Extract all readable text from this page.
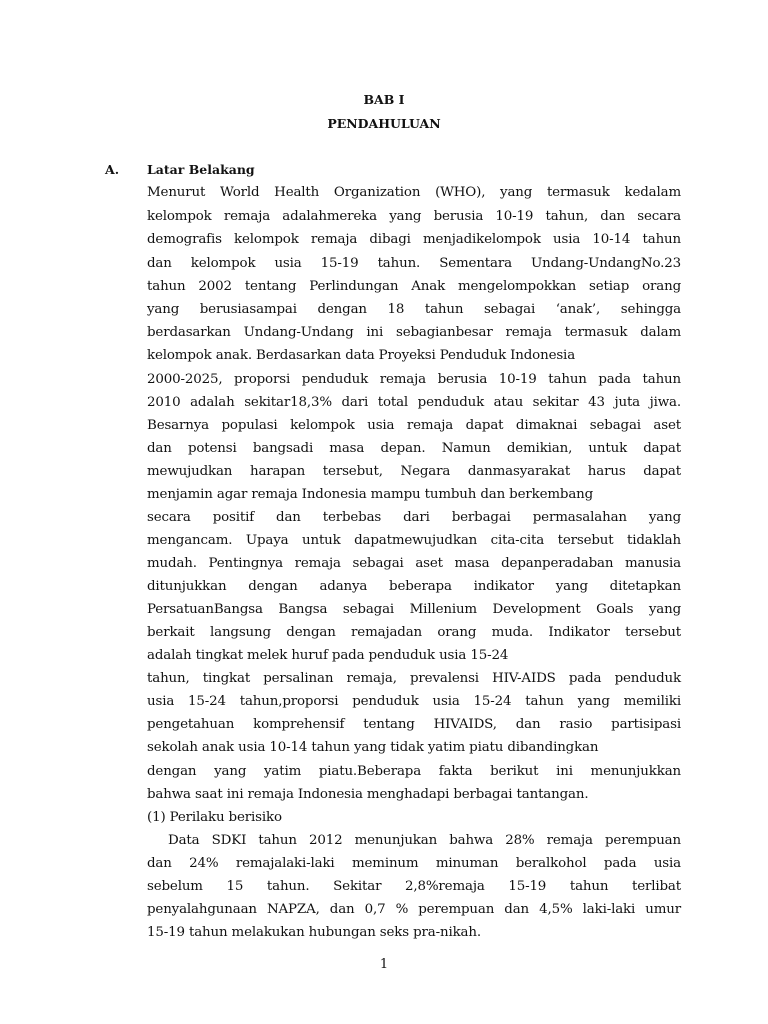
BAB I
PENDAHULUAN
A. Latar Belakang
Menurut World Health Organization (WHO), yang termasuk kedalam
kelompok remaja adalahmereka yang berusia 10-19 tahun, dan secara
demografis kelompok remaja dibagi menjadikelompok usia 10-14 tahun
dan kelompok usia 15-19 tahun. Sementara Undang-UndangNo.23
tahun 2002 tentang Perlindungan Anak mengelompokkan setiap orang
yang berusiasampai dengan 18 tahun sebagai ‘anak’, sehingga
berdasarkan Undang-Undang ini sebagianbesar remaja termasuk dalam
kelompok anak. Berdasarkan data Proyeksi Penduduk Indonesia
2000-2025, proporsi penduduk remaja berusia 10-19 tahun pada tahun
2010 adalah sekitar18,3% dari total penduduk atau sekitar 43 juta jiwa.
Besarnya populasi kelompok usia remaja dapat dimaknai sebagai aset
dan potensi bangsadi masa depan. Namun demikian, untuk dapat
mewujudkan harapan tersebut, Negara danmasyarakat harus dapat
menjamin agar remaja Indonesia mampu tumbuh dan berkembang
secara positif dan terbebas dari berbagai permasalahan yang
mengancam. Upaya untuk dapatmewujudkan cita-cita tersebut tidaklah
mudah. Pentingnya remaja sebagai aset masa depanperadaban manusia
ditunjukkan dengan adanya beberapa indikator yang ditetapkan
PersatuanBangsa Bangsa sebagai Millenium Development Goals yang
berkait langsung dengan remajadan orang muda. Indikator tersebut
adalah tingkat melek huruf pada penduduk usia 15-24
tahun, tingkat persalinan remaja, prevalensi HIV-AIDS pada penduduk
usia 15-24 tahun,proporsi penduduk usia 15-24 tahun yang memiliki
pengetahuan komprehensif tentang HIVAIDS, dan rasio partisipasi
sekolah anak usia 10-14 tahun yang tidak yatim piatu dibandingkan
dengan yang yatim piatu.Beberapa fakta berikut ini menunjukkan
bahwa saat ini remaja Indonesia menghadapi berbagai tantangan.
(1) Perilaku berisiko
Data SDKI tahun 2012 menunjukan bahwa 28% remaja perempuan
dan 24% remajalaki-laki meminum minuman beralkohol pada usia
sebelum 15 tahun. Sekitar 2,8%remaja 15-19 tahun terlibat
penyalahgunaan NAPZA, dan 0,7 % perempuan dan 4,5% laki-laki umur
15-19 tahun melakukan hubungan seks pra-nikah.
1
